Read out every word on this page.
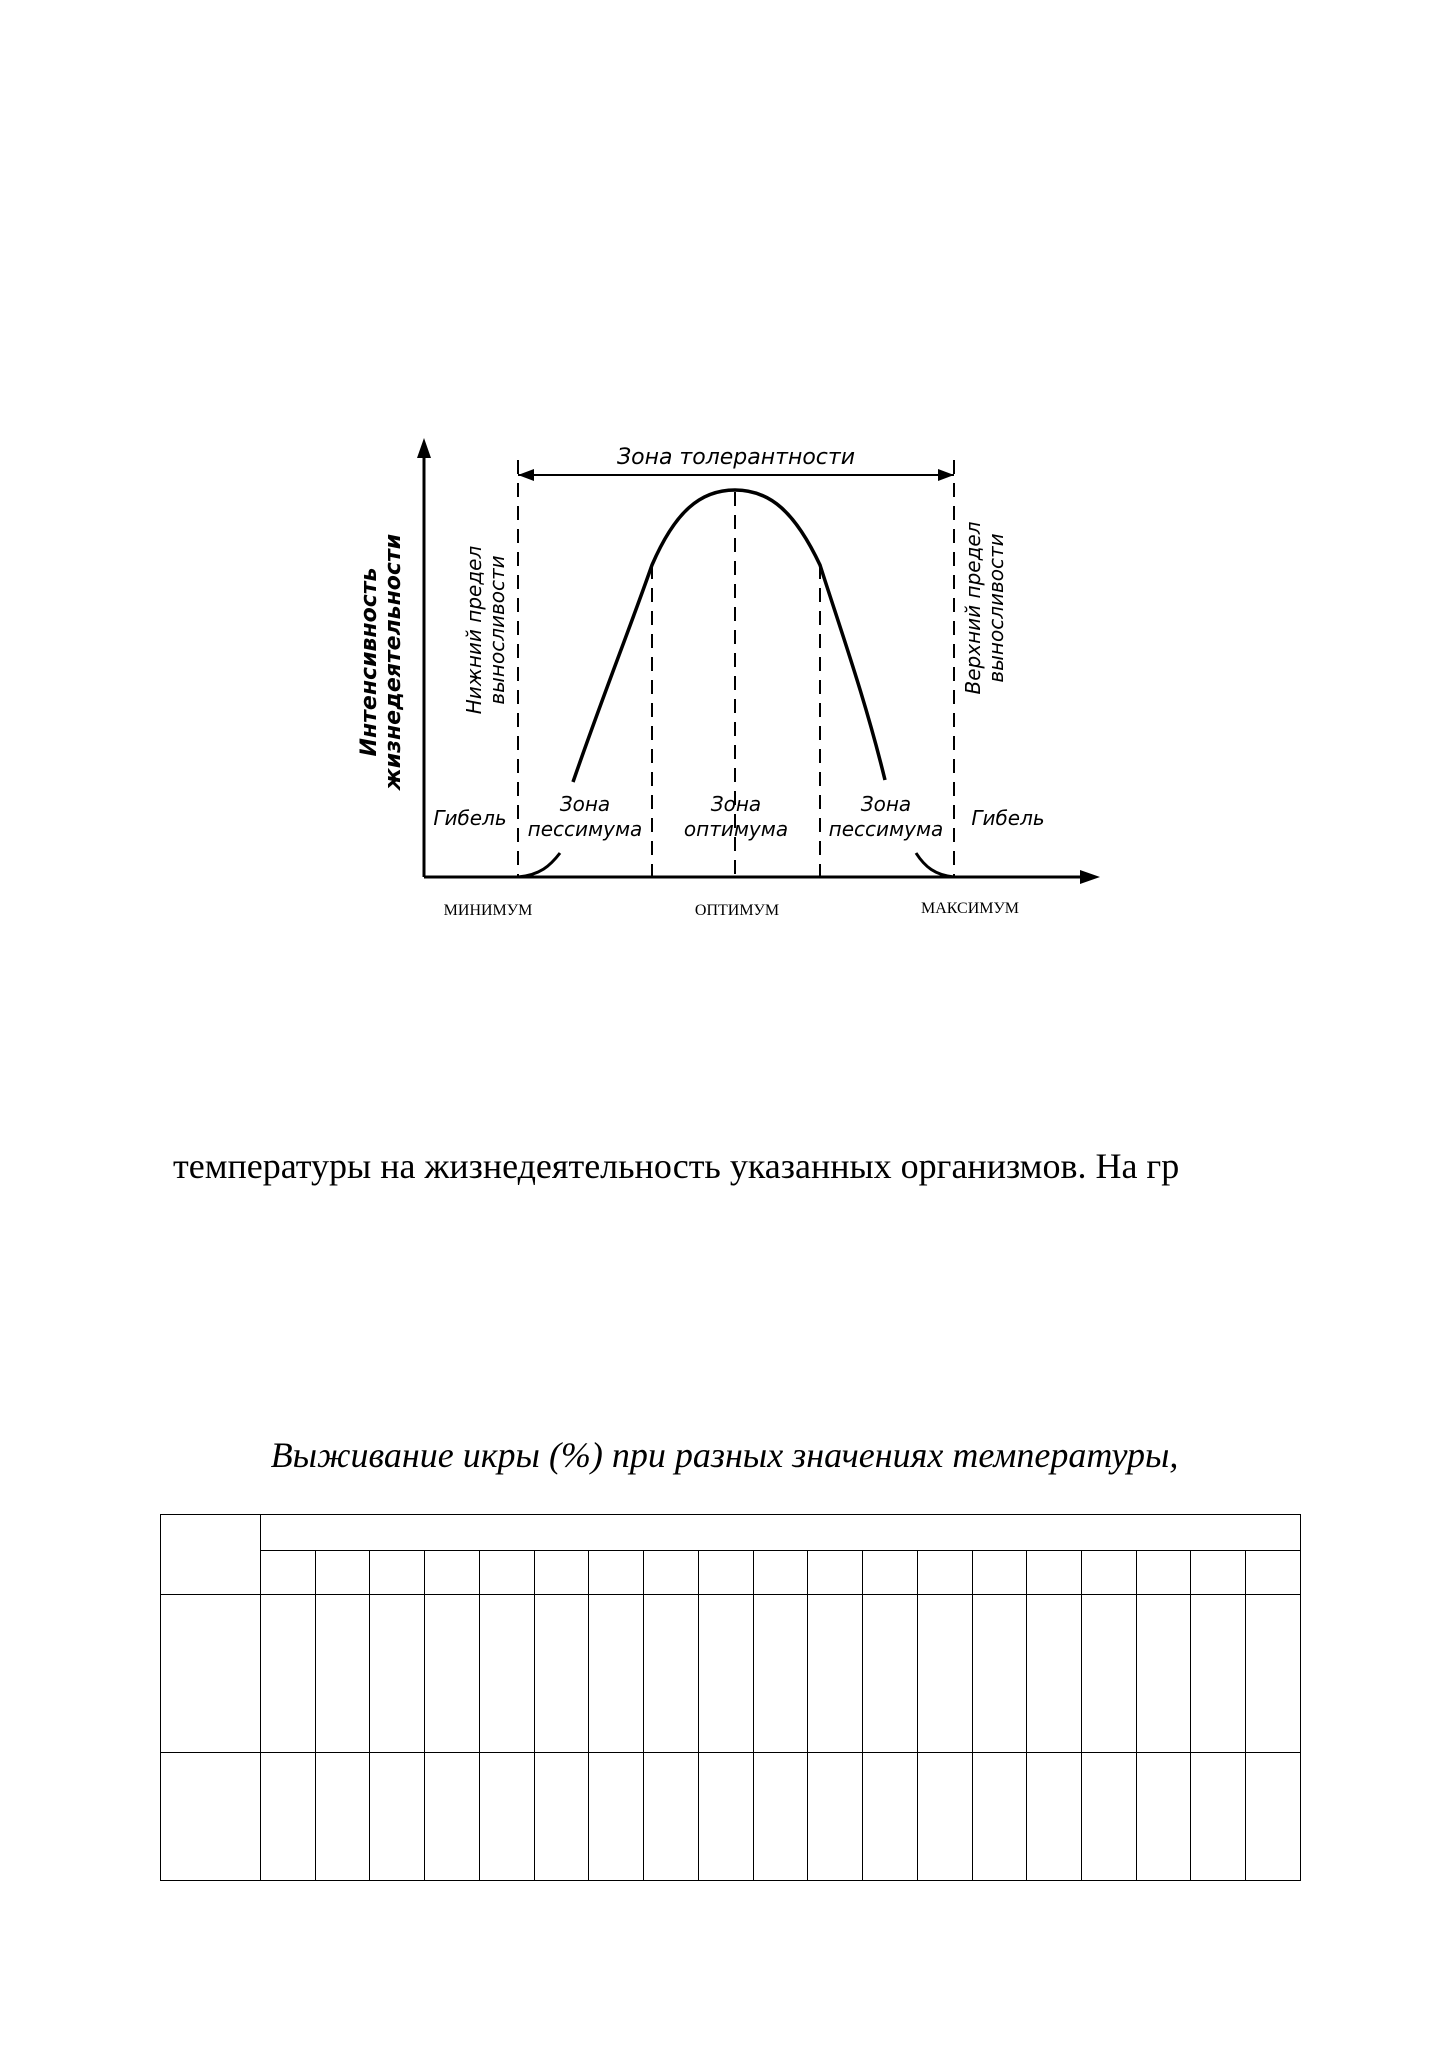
Зона толерантности
Интенсивность жизнедеятельности	Нижний предел выносливости	Верхний предел выносливости
Гибель	Гибель
Зона
пессимума
Зона
оптимума
Зона
пессимума
МИНИМУМ	ОПТИМУМ	МАКСИМУМ
температуры на жизнедеятельность указанных организмов. На гр
Выживание икры (%) при разных значениях температуры,
